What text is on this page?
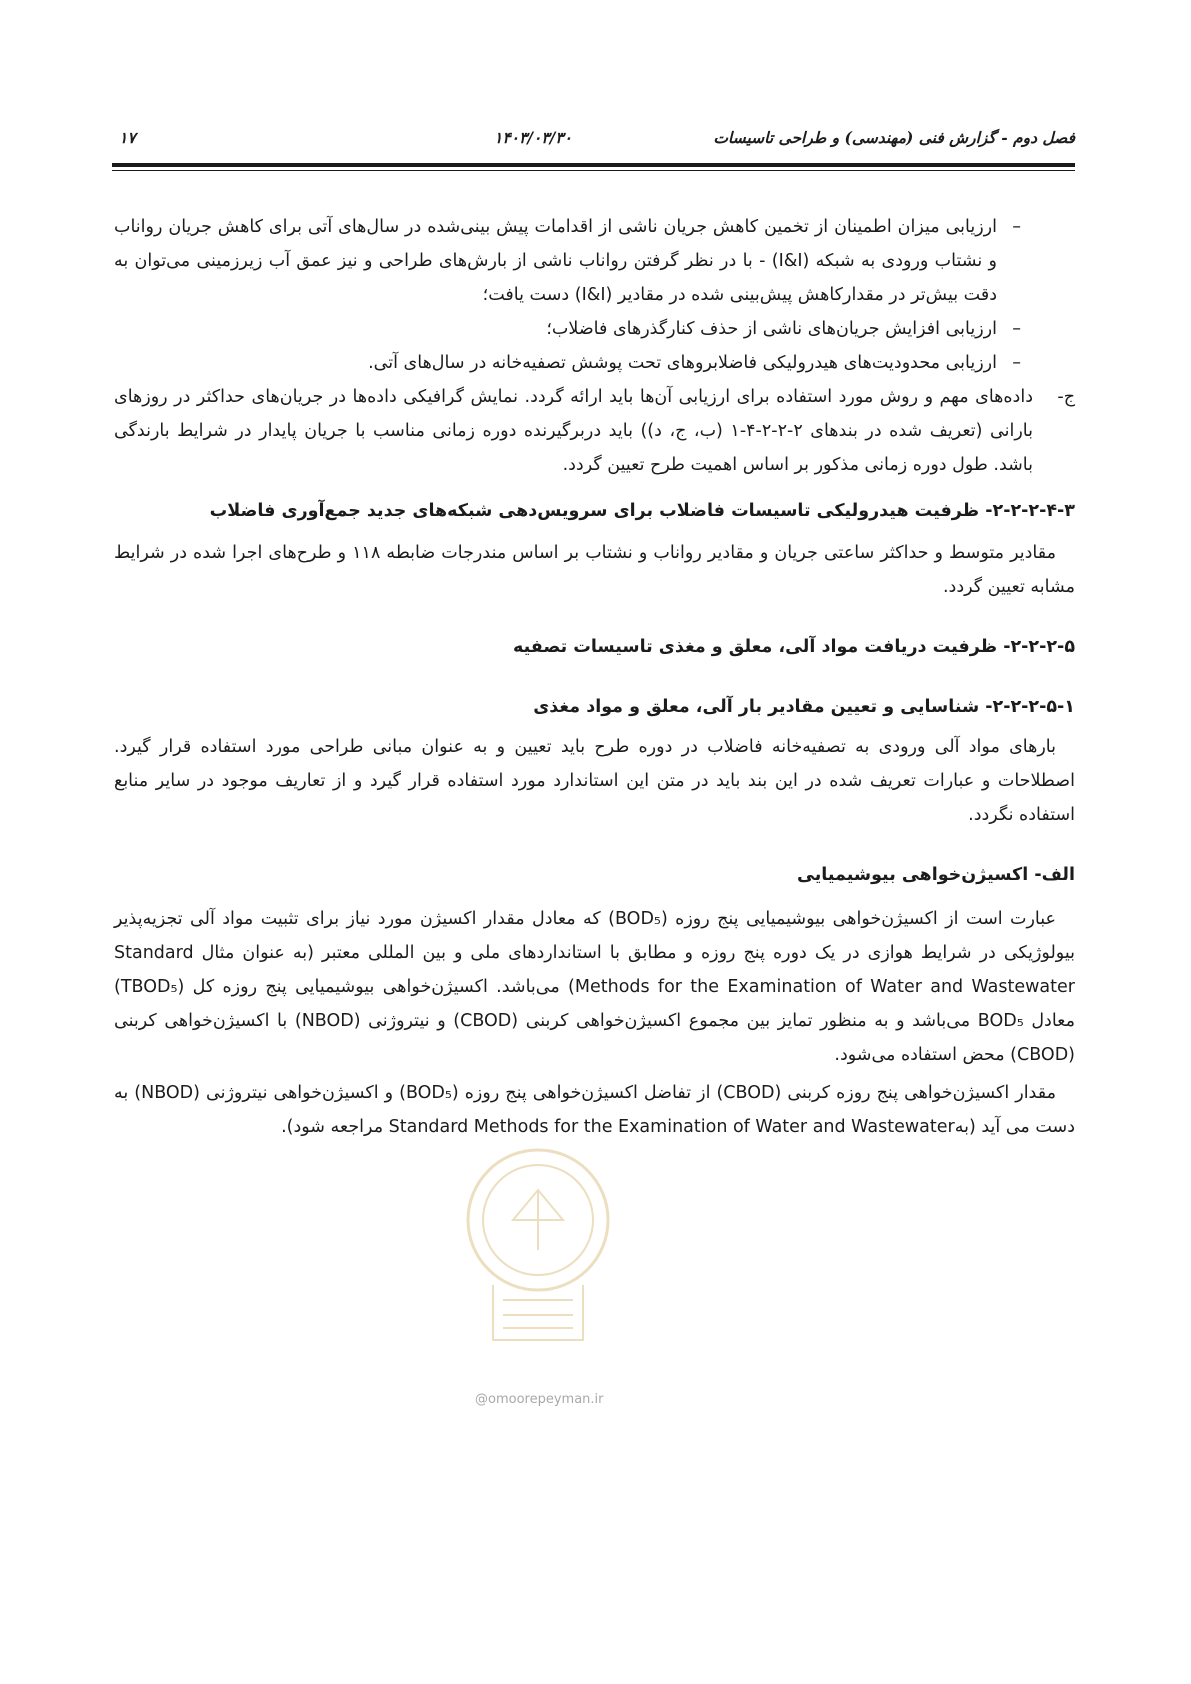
فصل دوم - گزارش فنی (مهندسی) و طراحی تاسیسات
۱۴۰۳/۰۳/۳۰
۱۷

–
ارزیابی میزان اطمینان از تخمین کاهش جریان ناشی از اقدامات پیش بینی‌شده در سال‌های آتی برای کاهش جریان رواناب و نشتاب ورودی به شبکه (I&I) - با در نظر گرفتن رواناب ناشی از بارش‌های طراحی و نیز عمق آب زیرزمینی می‌توان به دقت بیش‌تر در مقدارکاهش پیش‌بینی شده در مقادیر (I&I) دست یافت؛

–
ارزیابی افزایش جریان‌های ناشی از حذف کنارگذرهای فاضلاب؛

–
ارزیابی محدودیت‌های هیدرولیکی فاضلابروهای تحت پوشش تصفیه‌خانه در سال‌های آتی.

ج-
داده‌های مهم و روش مورد استفاده برای ارزیابی آن‌ها باید ارائه گردد. نمایش گرافیکی داده‌ها در جریان‌های حداکثر در روزهای بارانی (تعریف شده در بندهای ۲-۲-۲-۴-۱ (ب، ج، د)) باید دربرگیرنده دوره زمانی مناسب با جریان پایدار در شرایط بارندگی باشد. طول دوره زمانی مذکور بر اساس اهمیت طرح تعیین گردد.

۲-۲-۲-۴-۳- ظرفیت هیدرولیکی تاسیسات فاضلاب برای سرویس‌دهی شبکه‌های جدید جمع‌آوری فاضلاب

مقادیر متوسط و حداکثر ساعتی جریان و مقادیر رواناب و نشتاب بر اساس مندرجات ضابطه ۱۱۸ و طرح‌های اجرا شده در شرایط مشابه تعیین گردد.

۲-۲-۲-۵- ظرفیت دریافت مواد آلی، معلق و مغذی تاسیسات تصفیه

۲-۲-۲-۵-۱- شناسایی و تعیین مقادیر بار آلی، معلق و مواد مغذی

بارهای مواد آلی ورودی به تصفیه‌خانه فاضلاب در دوره طرح باید تعیین و به عنوان مبانی طراحی مورد استفاده قرار گیرد. اصطلاحات و عبارات تعریف شده در این بند باید در متن این استاندارد مورد استفاده قرار گیرد و از تعاریف موجود در سایر منابع استفاده نگردد.

الف- اکسیژن‌خواهی بیوشیمیایی

عبارت است از اکسیژن‌خواهی بیوشیمیایی پنج روزه (BOD₅) که معادل مقدار اکسیژن مورد نیاز برای تثبیت مواد آلی تجزیه‌پذیر بیولوژیکی در شرایط هوازی در یک دوره پنج روزه و مطابق با استانداردهای ملی و بین المللی معتبر (به عنوان مثال Standard Methods for the Examination of Water and Wastewater) می‌باشد. اکسیژن‌خواهی بیوشیمیایی پنج روزه کل (TBOD₅) معادل BOD₅ می‌باشد و به منظور تمایز بین مجموع اکسیژن‌خواهی کربنی (CBOD) و نیتروژنی (NBOD) با اکسیژن‌خواهی کربنی (CBOD) محض استفاده می‌شود.

مقدار اکسیژن‌خواهی پنج روزه کربنی (CBOD) از تفاضل اکسیژن‌خواهی پنج روزه (BOD₅) و اکسیژن‌خواهی نیتروژنی (NBOD) به دست می آید (بهStandard Methods for the Examination of Water and Wastewater مراجعه شود).

@omoorepeyman.ir
